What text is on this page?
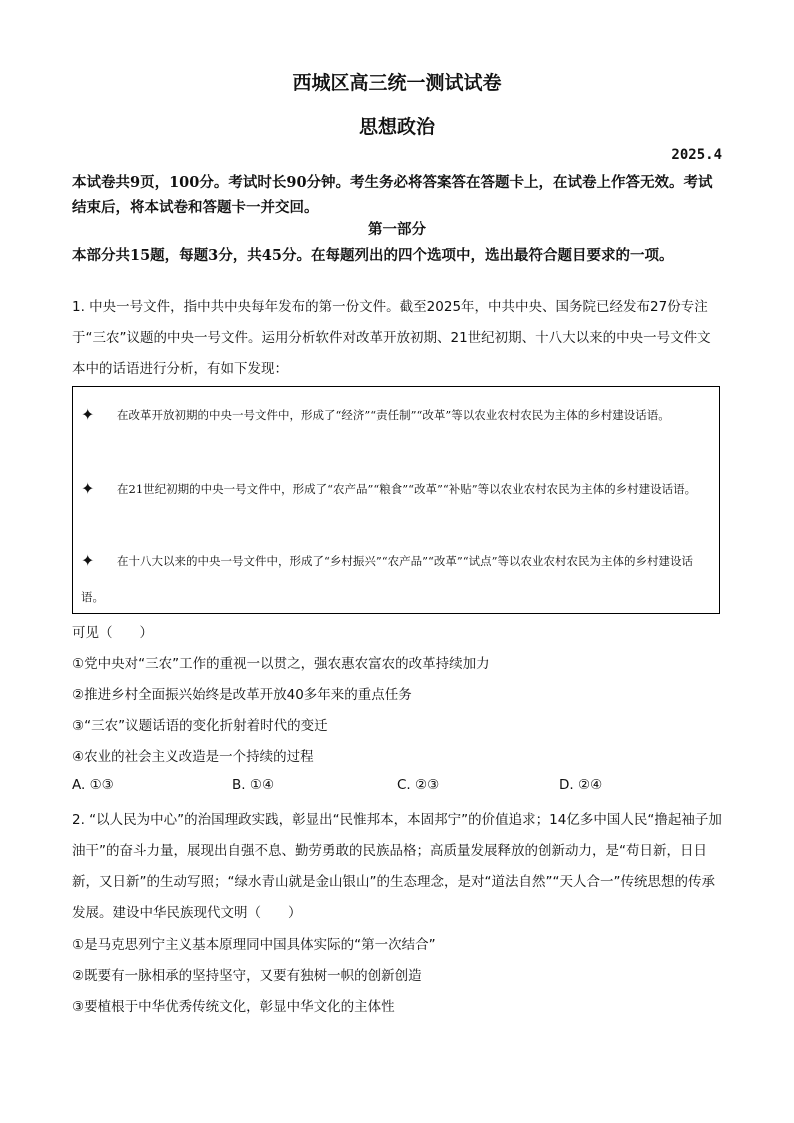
西城区高三统一测试试卷
思想政治
2025.4
本试卷共9页，100分。考试时长90分钟。考生务必将答案答在答题卡上，在试卷上作答无效。考试结束后，将本试卷和答题卡一并交回。
第一部分
本部分共15题，每题3分，共45分。在每题列出的四个选项中，选出最符合题目要求的一项。
1. 中央一号文件，指中共中央每年发布的第一份文件。截至2025年，中共中央、国务院已经发布27份专注于“三农”议题的中央一号文件。运用分析软件对改革开放初期、21世纪初期、十八大以来的中央一号文件文本中的话语进行分析，有如下发现：
✦ 在改革开放初期的中央一号文件中，形成了“经济”“责任制”“改革”等以农业农村农民为主体的乡村建设话语。
✦ 在21世纪初期的中央一号文件中，形成了“农产品”“粮食”“改革”“补贴”等以农业农村农民为主体的乡村建设话语。
✦ 在十八大以来的中央一号文件中，形成了“乡村振兴”“农产品”“改革”“试点”等以农业农村农民为主体的乡村建设话语。
可见（　　）
①党中央对“三农”工作的重视一以贯之，强农惠农富农的改革持续加力
②推进乡村全面振兴始终是改革开放40多年来的重点任务
③“三农”议题话语的变化折射着时代的变迁
④农业的社会主义改造是一个持续的过程
A. ①③	B. ①④	C. ②③	D. ②④
2. “以人民为中心”的治国理政实践，彰显出“民惟邦本，本固邦宁”的价值追求；14亿多中国人民“撸起袖子加油干”的奋斗力量，展现出自强不息、勤劳勇敢的民族品格；高质量发展释放的创新动力，是“苟日新，日日新，又日新”的生动写照；“绿水青山就是金山银山”的生态理念，是对“道法自然”“天人合一”传统思想的传承发展。建设中华民族现代文明（　　）
①是马克思列宁主义基本原理同中国具体实际的“第一次结合”
②既要有一脉相承的坚持坚守，又要有独树一帜的创新创造
③要植根于中华优秀传统文化，彰显中华文化的主体性
